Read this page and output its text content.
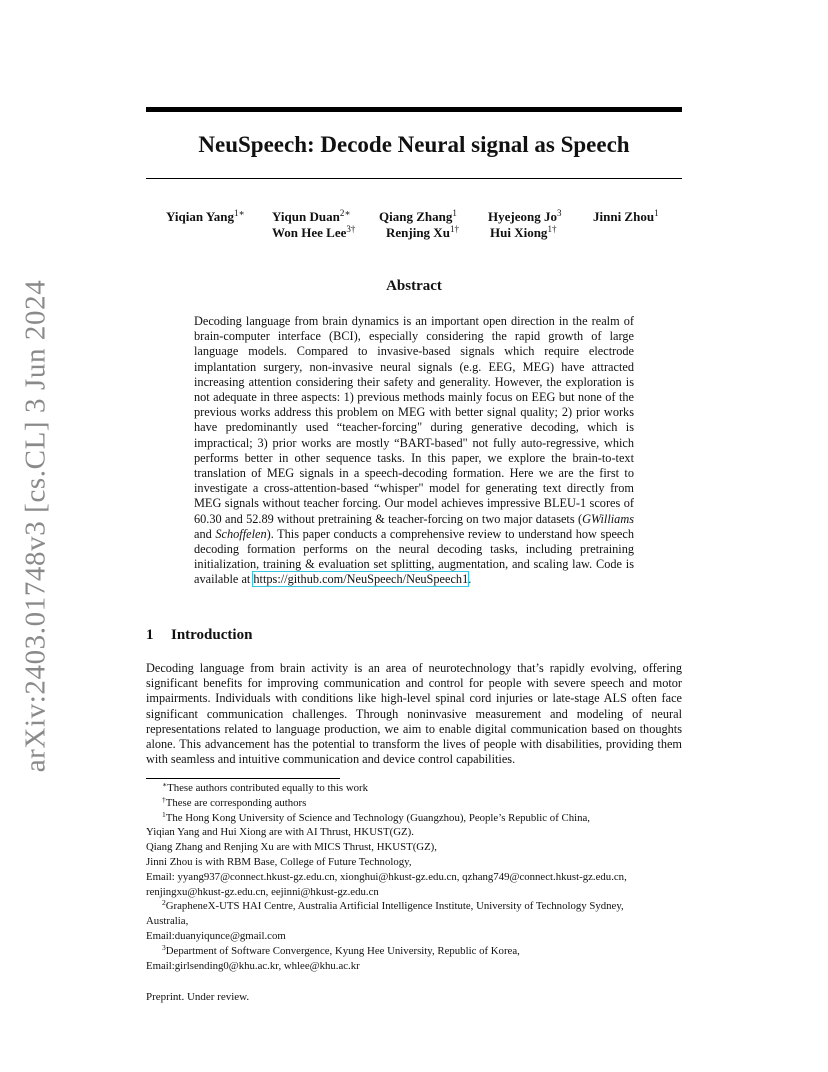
arXiv:2403.01748v3 [cs.CL] 3 Jun 2024
NeuSpeech: Decode Neural signal as Speech
Yiqian Yang$^{1∗}$ Yiqun Duan$^{2∗}$ Qiang Zhang$^1$ Hyejeong Jo$^3$ Jinni Zhou$^1$
Won Hee Lee$^{3\dagger}$ Renjing $Xu^{1\dagger}$ Hui Xiong$^{1\dagger}$
Abstract

Decoding language from brain dynamics is an important open direction in the realm of brain-computer interface (BCI), especially considering the rapid growth of large language models. Compared to invasive-based signals which require electrode implantation surgery, non-invasive neural signals (e.g. EEG, MEG) have attracted increasing attention considering their safety and generality. However, the exploration is not adequate in three aspects: 1) previous methods mainly focus on EEG but none of the previous works address this problem on MEG with better signal quality; 2) prior works have predominantly used “teacher-forcing" during generative decoding, which is impractical; 3) prior works are mostly “BART-based" not fully auto-regressive, which performs better in other sequence tasks. In this paper, we explore the brain-to-text translation of MEG signals in a speech-decoding formation. Here we are the first to investigate a cross-attention-based “whisper" model for generating text directly from MEG signals without teacher forcing. Our model achieves impressive BLEU-1 scores of 60.30 and 52.89 without pretraining & teacher-forcing on two major datasets (GWilliams and Schoffelen). This paper conducts a comprehensive review to understand how speech decoding formation performs on the neural decoding tasks, including pretraining initialization, training & evaluation set splitting, augmentation, and scaling law. Code is available at https://github.com/NeuSpeech/NeuSpeech1.

1 Introduction

Decoding language from brain activity is an area of neurotechnology that’s rapidly evolving, offering significant benefits for improving communication and control for people with severe speech and motor impairments. Individuals with conditions like high-level spinal cord injuries or late-stage ALS often face significant communication challenges. Through noninvasive measurement and modeling of neural representations related to language production, we aim to enable digital communication based on thoughts alone. This advancement has the potential to transform the lives of people with disabilities, providing them with seamless and intuitive communication and device control capabilities.

∗These authors contributed equally to this work

†These are corresponding authors

$^1$The Hong Kong University of Science and Technology (Guangzhou), People’s Republic of China,

Yiqian Yang and Hui Xiong are with AI Thrust, HKUST(GZ).

Qiang Zhang and Renjing Xu are with MICS Thrust, HKUST(GZ),

Jinni Zhou is with RBM Base, College of Future Technology,

Email: yyang937@connect.hkust-gz.edu.cn, xionghui@hkust-gz.edu.cn, qzhang749@connect.hkust-gz.edu.cn,

renjingxu@hkust-gz.edu.cn, eejinni@hkust-gz.edu.cn

$^2$GrapheneX-UTS HAI Centre, Australia Artificial Intelligence Institute, University of Technology Sydney,

Australia,

Email:duanyiqunce@gmail.com

$^3$Department of Software Convergence, Kyung Hee University, Republic of Korea,

Email:girlsending0@khu.ac.kr, whlee@khu.ac.kr

Preprint. Under review.
